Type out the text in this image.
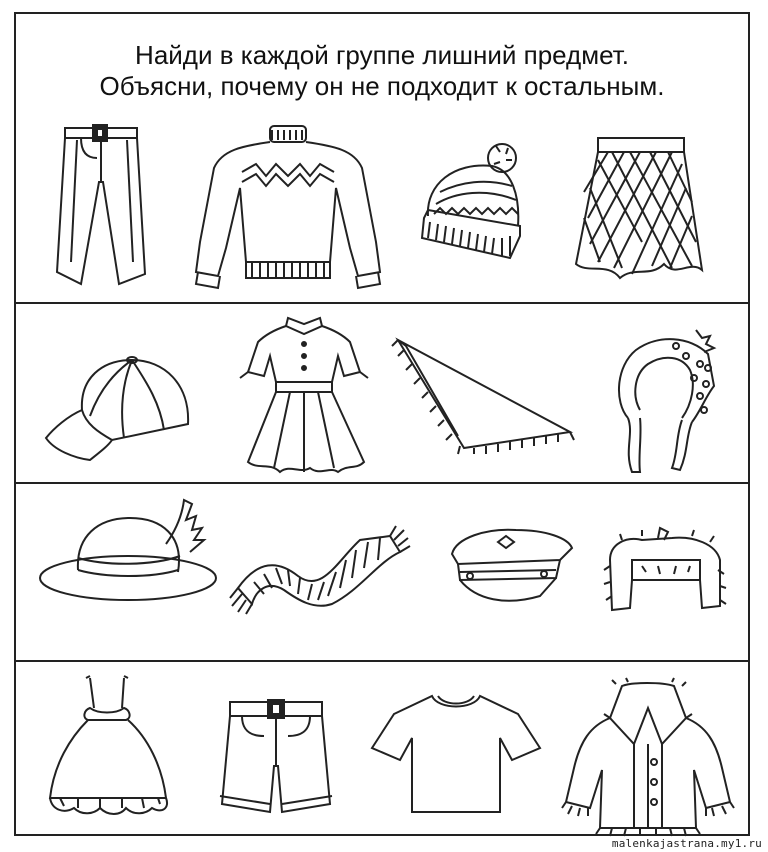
Найди в каждой группе лишний предмет.
Объясни, почему он не подходит к остальным.
malenkajastrana.my1.ru
